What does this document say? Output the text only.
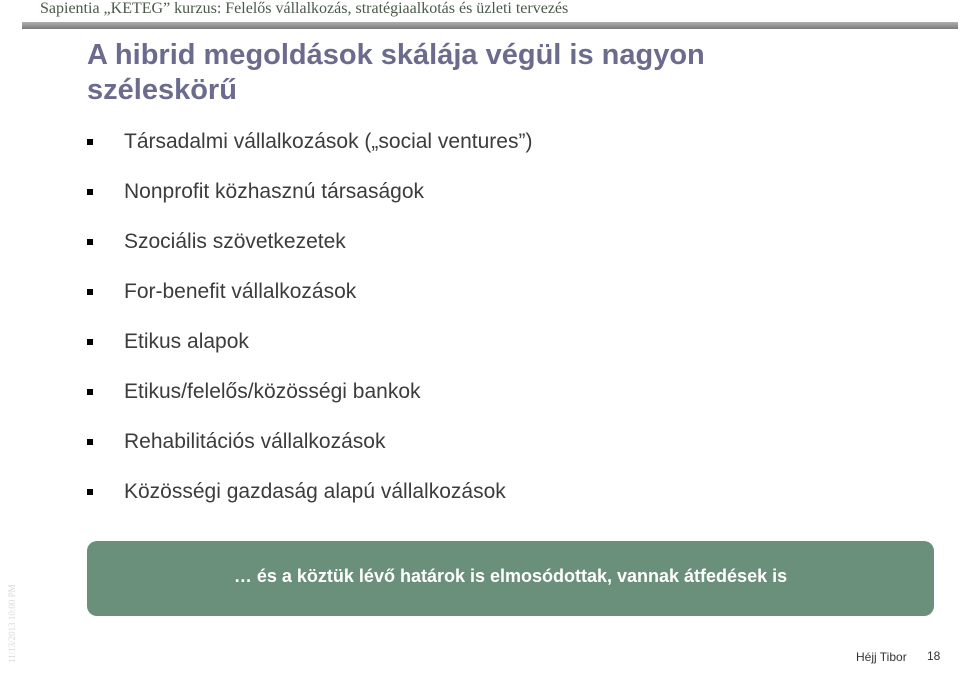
Sapientia „KETEG” kurzus: Felelős vállalkozás, stratégiaalkotás és üzleti tervezés
A hibrid megoldások skálája végül is nagyon széleskörű
Társadalmi vállalkozások („social ventures”)
Nonprofit közhasznú társaságok
Szociális szövetkezetek
For-benefit vállalkozások
Etikus alapok
Etikus/felelős/közösségi bankok
Rehabilitációs vállalkozások
Közösségi gazdaság alapú vállalkozások
… és a köztük lévő határok is elmosódottak, vannak átfedések is
11/13/2013 10:00 PM	Héjj Tibor 18
